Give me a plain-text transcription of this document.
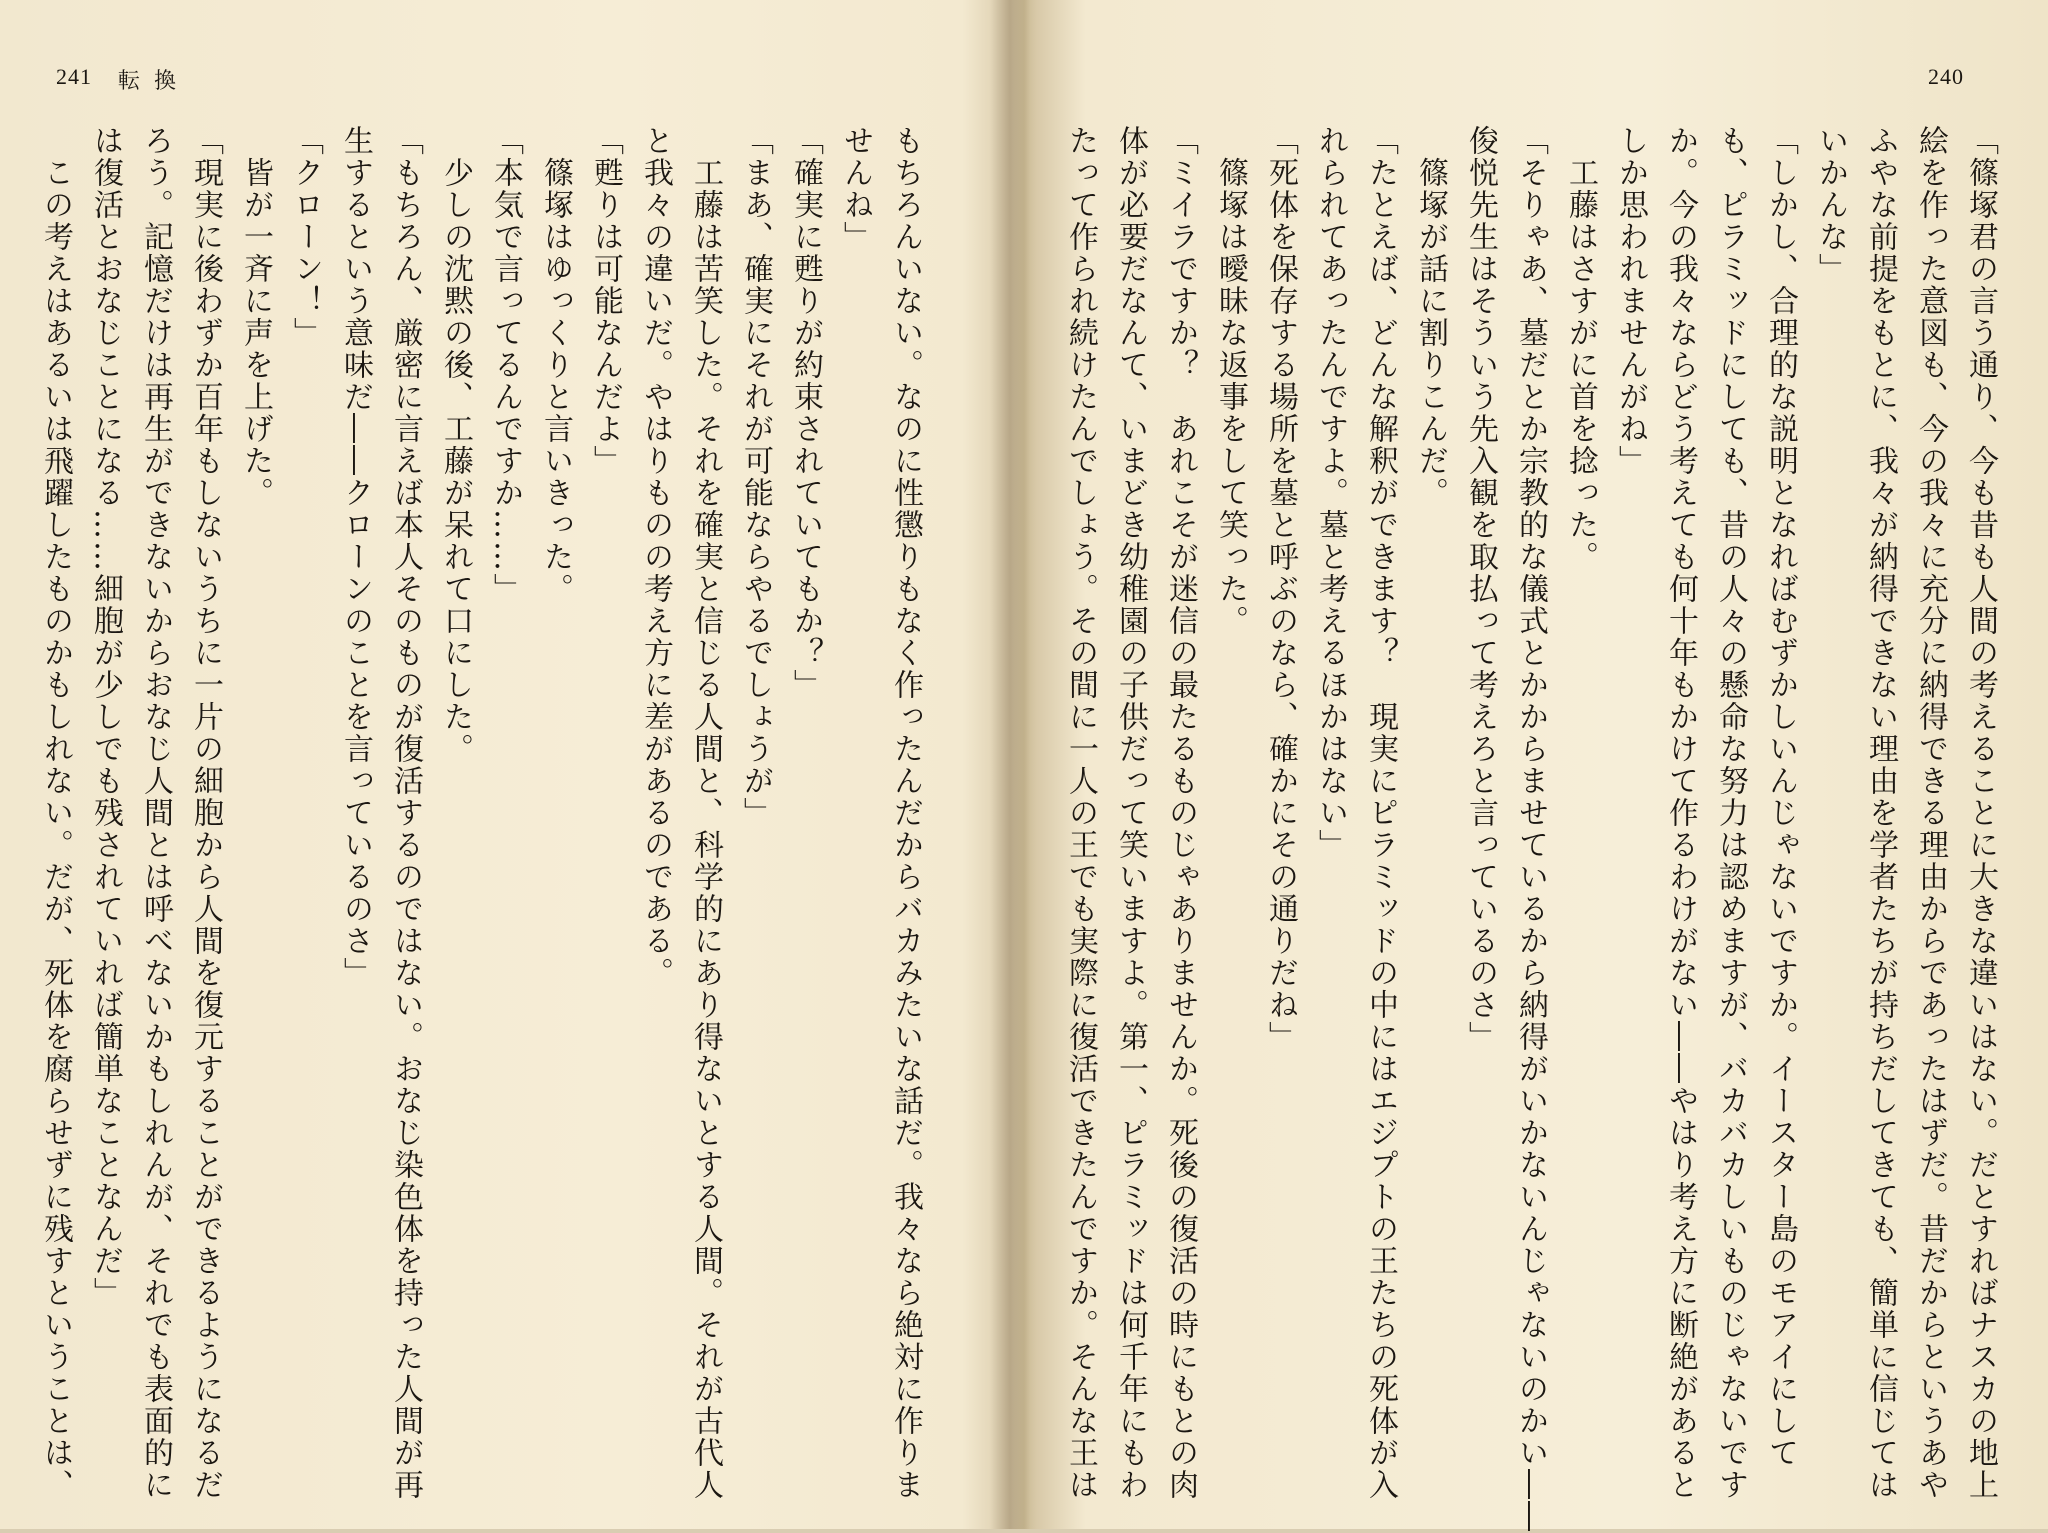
241 転換	240
「篠塚君の言う通り、今も昔も人間の考えることに大きな違いはない。だとすればナスカの地上
絵を作った意図も、今の我々に充分に納得できる理由からであったはずだ。昔だからというあや
ふやな前提をもとに、我々が納得できない理由を学者たちが持ちだしてきても、簡単に信じては
いかんな」
「しかし、合理的な説明となればむずかしいんじゃないですか。イースター島のモアイにして
も、ピラミッドにしても、昔の人々の懸命な努力は認めますが、バカバカしいものじゃないです
か。今の我々ならどう考えても何十年もかけて作るわけがない――やはり考え方に断絶があると
しか思われませんがね」
　工藤はさすがに首を捻った。
「そりゃあ、墓だとか宗教的な儀式とかからませているから納得がいかないんじゃないのかい――
俊悦先生はそういう先入観を取払って考えろと言っているのさ」
　篠塚が話に割りこんだ。
「たとえば、どんな解釈ができます？　現実にピラミッドの中にはエジプトの王たちの死体が入
れられてあったんですよ。墓と考えるほかはない」
「死体を保存する場所を墓と呼ぶのなら、確かにその通りだね」
　篠塚は曖昧な返事をして笑った。
「ミイラですか？　あれこそが迷信の最たるものじゃありませんか。死後の復活の時にもとの肉
体が必要だなんて、いまどき幼稚園の子供だって笑いますよ。第一、ピラミッドは何千年にもわ
たって作られ続けたんでしょう。その間に一人の王でも実際に復活できたんですか。そんな王は
もちろんいない。なのに性懲りもなく作ったんだからバカみたいな話だ。我々なら絶対に作りま
せんね」
「確実に甦りが約束されていてもか？」
「まあ、確実にそれが可能ならやるでしょうが」
　工藤は苦笑した。それを確実と信じる人間と、科学的にあり得ないとする人間。それが古代人
と我々の違いだ。やはりものの考え方に差があるのである。
「甦りは可能なんだよ」
　篠塚はゆっくりと言いきった。
「本気で言ってるんですか……」
　少しの沈黙の後、工藤が呆れて口にした。
「もちろん、厳密に言えば本人そのものが復活するのではない。おなじ染色体を持った人間が再
生するという意味だ――クローンのことを言っているのさ」
「クローン！」
　皆が一斉に声を上げた。
「現実に後わずか百年もしないうちに一片の細胞から人間を復元することができるようになるだ
ろう。記憶だけは再生ができないからおなじ人間とは呼べないかもしれんが、それでも表面的に
は復活とおなじことになる……細胞が少しでも残されていれば簡単なことなんだ」
　この考えはあるいは飛躍したものかもしれない。だが、死体を腐らせずに残すということは、
